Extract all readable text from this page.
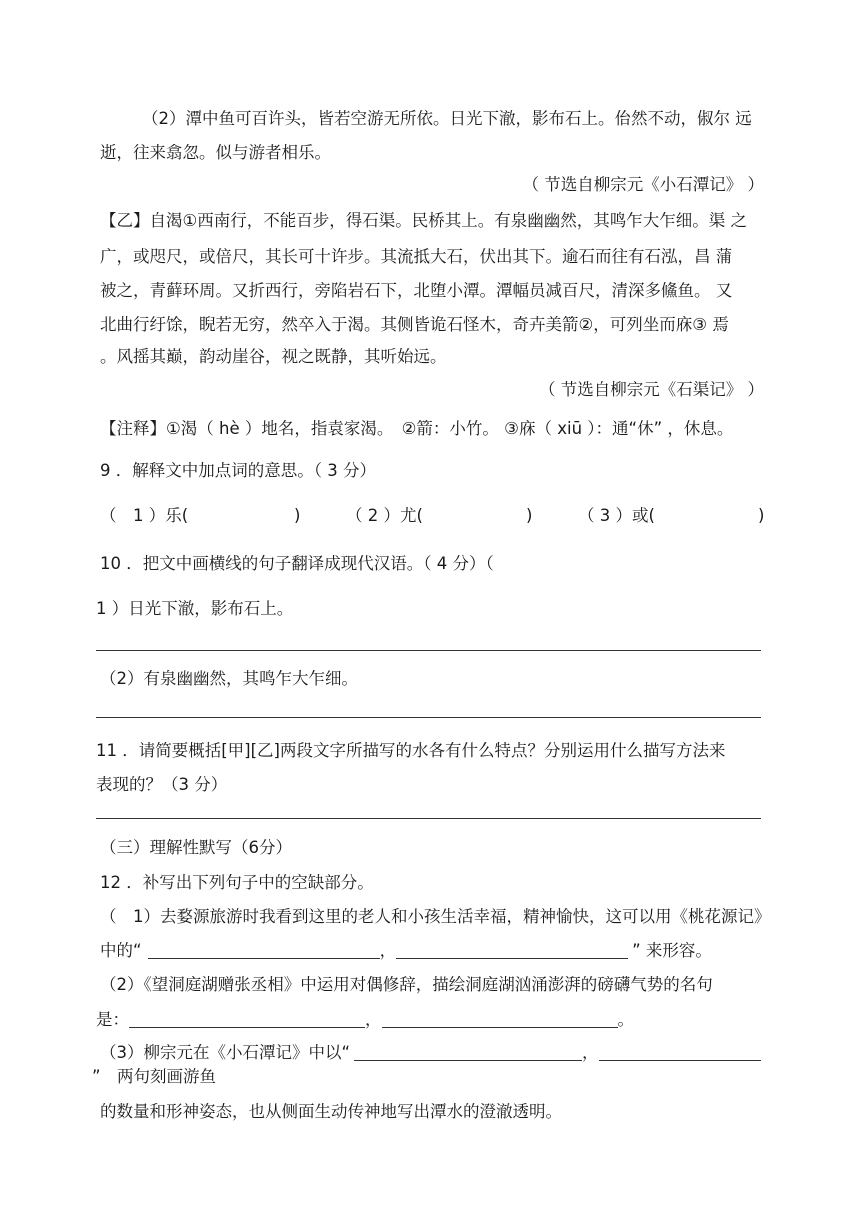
（2）潭中鱼可百许头，皆若空游无所依。日光下澈，影布石上。佁然不动，俶尔 远
逝，往来翕忽。似与游者相乐。
（ 节选自柳宗元《小石潭记》 ）
【乙】自渴①西南行，不能百步，得石渠。民桥其上。有泉幽幽然，其鸣乍大乍细。渠 之
广，或咫尺，或倍尺，其长可十许步。其流抵大石，伏出其下。逾石而往有石泓，昌 蒲
被之，青藓环周。又折西行，旁陷岩石下，北堕小潭。潭幅员减百尺，清深多鯈鱼。 又
北曲行纡馀，睨若无穷，然卒入于渴。其侧皆诡石怪木，奇卉美箭②，可列坐而庥③ 焉
。风摇其巅，韵动崖谷，视之既静，其听始远。
（ 节选自柳宗元《石渠记》 ）
【注释】①渴（ hè ）地名，指袁家渴。　②箭：小竹。 ③庥（ xiū ）：通“休” ，休息。
9 ．解释文中加点词的意思。（ 3 分）
（　1 ）乐(	)	（ 2 ）尤(	)	（ 3 ）或(	)
10 ．把文中画横线的句子翻译成现代汉语。（ 4 分）（
1 ）日光下澈，影布石上。
（2）有泉幽幽然，其鸣乍大乍细。
11 ．请简要概括[甲][乙]两段文字所描写的水各有什么特点？分别运用什么描写方法来
表现的？（3 分）
（三）理解性默写（6分）
12 ．补写出下列句子中的空缺部分。
（　1）去婺源旅游时我看到这里的老人和小孩生活幸福，精神愉快，这可以用《桃花源记》
中的“	，	” 来形容。
（2）《望洞庭湖赠张丞相》中运用对偶修辞，描绘洞庭湖汹涌澎湃的磅礴气势的名句
是：	，	。
（3）柳宗元在《小石潭记》中以“	，
”　两句刻画游鱼
的数量和形神姿态，也从侧面生动传神地写出潭水的澄澈透明。
